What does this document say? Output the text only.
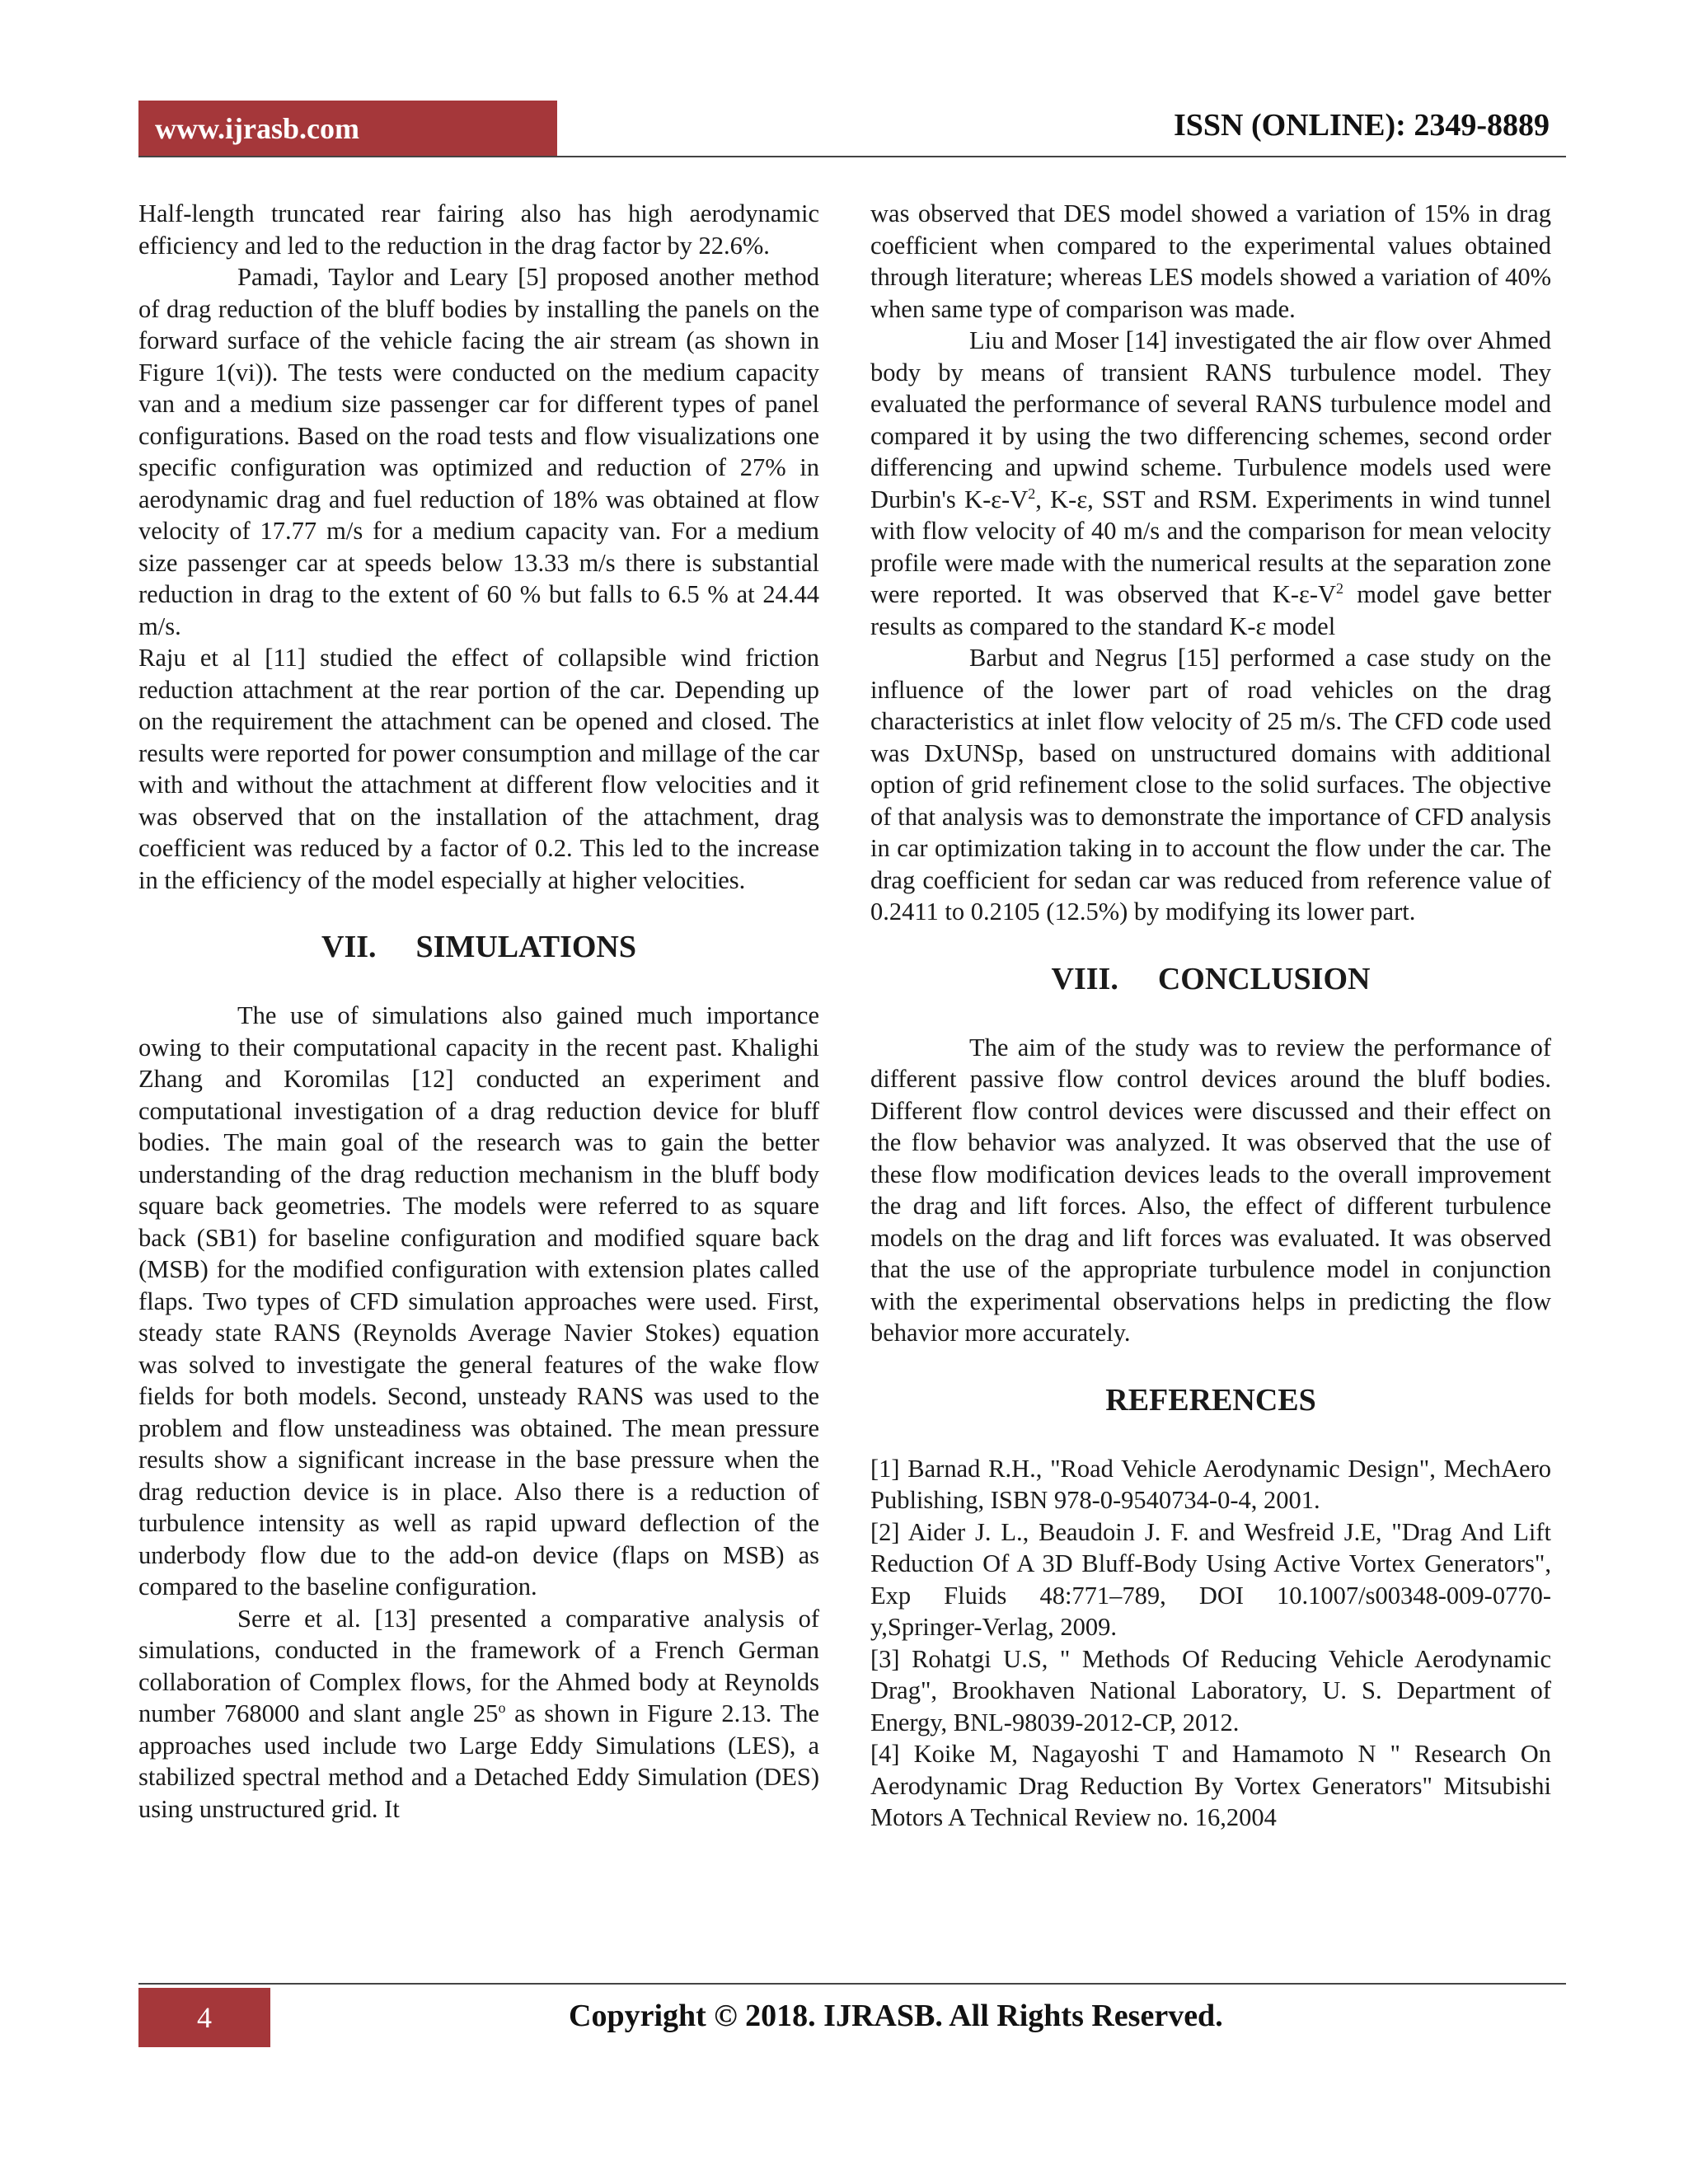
www.ijrasb.com	ISSN (ONLINE): 2349-8889

Half-length truncated rear fairing also has high aerodynamic efficiency and led to the reduction in the drag factor by 22.6%.

Pamadi, Taylor and Leary [5] proposed another method of drag reduction of the bluff bodies by installing the panels on the forward surface of the vehicle facing the air stream (as shown in Figure 1(vi)). The tests were conducted on the medium capacity van and a medium size passenger car for different types of panel configurations. Based on the road tests and flow visualizations one specific configuration was optimized and reduction of 27% in aerodynamic drag and fuel reduction of 18% was obtained at flow velocity of 17.77 m/s for a medium capacity van. For a medium size passenger car at speeds below 13.33 m/s there is substantial reduction in drag to the extent of 60 % but falls to 6.5 % at 24.44 m/s.

Raju et al [11] studied the effect of collapsible wind friction reduction attachment at the rear portion of the car. Depending up on the requirement the attachment can be opened and closed. The results were reported for power consumption and millage of the car with and without the attachment at different flow velocities and it was observed that on the installation of the attachment, drag coefficient was reduced by a factor of 0.2. This led to the increase in the efficiency of the model especially at higher velocities.

VII. SIMULATIONS

The use of simulations also gained much importance owing to their computational capacity in the recent past. Khalighi Zhang and Koromilas [12] conducted an experiment and computational investigation of a drag reduction device for bluff bodies. The main goal of the research was to gain the better understanding of the drag reduction mechanism in the bluff body square back geometries. The models were referred to as square back (SB1) for baseline configuration and modified square back (MSB) for the modified configuration with extension plates called flaps. Two types of CFD simulation approaches were used. First, steady state RANS (Reynolds Average Navier Stokes) equation was solved to investigate the general features of the wake flow fields for both models. Second, unsteady RANS was used to the problem and flow unsteadiness was obtained. The mean pressure results show a significant increase in the base pressure when the drag reduction device is in place. Also there is a reduction of turbulence intensity as well as rapid upward deflection of the underbody flow due to the add-on device (flaps on MSB) as compared to the baseline configuration.

Serre et al. [13] presented a comparative analysis of simulations, conducted in the framework of a French German collaboration of Complex flows, for the Ahmed body at Reynolds number 768000 and slant angle 25$^o$ as shown in Figure 2.13. The approaches used include two Large Eddy Simulations (LES), a stabilized spectral method and a Detached Eddy Simulation (DES) using unstructured grid. It

was observed that DES model showed a variation of 15% in drag coefficient when compared to the experimental values obtained through literature; whereas LES models showed a variation of 40% when same type of comparison was made.

Liu and Moser [14] investigated the air flow over Ahmed body by means of transient RANS turbulence model. They evaluated the performance of several RANS turbulence model and compared it by using the two differencing schemes, second order differencing and upwind scheme. Turbulence models used were Durbin's $K-\varepsilon-V^2$, K-ε, SST and RSM. Experiments in wind tunnel with flow velocity of 40 m/s and the comparison for mean velocity profile were made with the numerical results at the separation zone were reported. It was observed that $K-\varepsilon-V^2$ model gave better results as compared to the standard K-ε model

Barbut and Negrus [15] performed a case study on the influence of the lower part of road vehicles on the drag characteristics at inlet flow velocity of 25 m/s. The CFD code used was DxUNSp, based on unstructured domains with additional option of grid refinement close to the solid surfaces. The objective of that analysis was to demonstrate the importance of CFD analysis in car optimization taking in to account the flow under the car. The drag coefficient for sedan car was reduced from reference value of 0.2411 to 0.2105 (12.5%) by modifying its lower part.

VIII. CONCLUSION

The aim of the study was to review the performance of different passive flow control devices around the bluff bodies. Different flow control devices were discussed and their effect on the flow behavior was analyzed. It was observed that the use of these flow modification devices leads to the overall improvement the drag and lift forces. Also, the effect of different turbulence models on the drag and lift forces was evaluated. It was observed that the use of the appropriate turbulence model in conjunction with the experimental observations helps in predicting the flow behavior more accurately.

REFERENCES

[1] Barnad R.H., "Road Vehicle Aerodynamic Design", MechAero Publishing, ISBN 978-0-9540734-0-4, 2001.

[2] Aider J. L., Beaudoin J. F. and Wesfreid J.E, "Drag And Lift Reduction Of A 3D Bluff-Body Using Active Vortex Generators", Exp Fluids 48:771–789, DOI 10.1007/s00348-009-0770-y,Springer-Verlag, 2009.

[3] Rohatgi U.S, " Methods Of Reducing Vehicle Aerodynamic Drag", Brookhaven National Laboratory, U. S. Department of Energy, BNL-98039-2012-CP, 2012.

[4] Koike M, Nagayoshi T and Hamamoto N " Research On Aerodynamic Drag Reduction By Vortex Generators" Mitsubishi Motors A Technical Review no. 16,2004

4	Copyright © 2018. IJRASB. All Rights Reserved.
